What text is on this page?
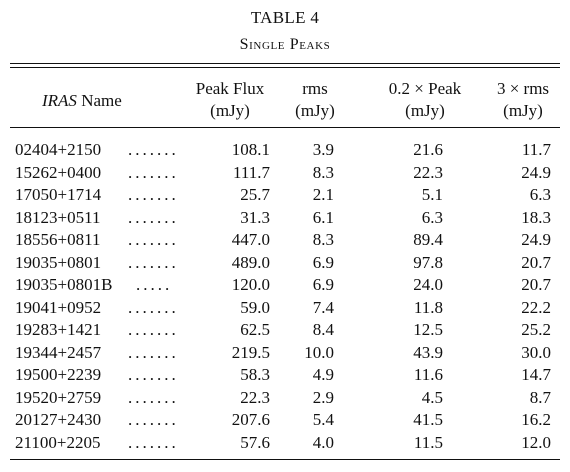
TABLE 4
Single Peaks
IRAS Name
Peak Flux
(mJy)
rms
(mJy)
0.2 × Peak
(mJy)
3 × rms
(mJy)
02404+2150 .......	108.1	3.9	21.6	11.7
15262+0400 .......	111.7	8.3	22.3	24.9
17050+1714 .......	25.7	2.1	5.1	6.3
18123+0511 .......	31.3	6.1	6.3	18.3
18556+0811 .......	447.0	8.3	89.4	24.9
19035+0801 .......	489.0	6.9	97.8	20.7
19035+0801B .....	120.0	6.9	24.0	20.7
19041+0952 .......	59.0	7.4	11.8	22.2
19283+1421 .......	62.5	8.4	12.5	25.2
19344+2457 .......	219.5 10.0	43.9	30.0
19500+2239 .......	58.3	4.9	11.6	14.7
19520+2759 .......	22.3	2.9	4.5	8.7
20127+2430 .......	207.6	5.4	41.5	16.2
21100+2205 .......	57.6	4.0	11.5	12.0
